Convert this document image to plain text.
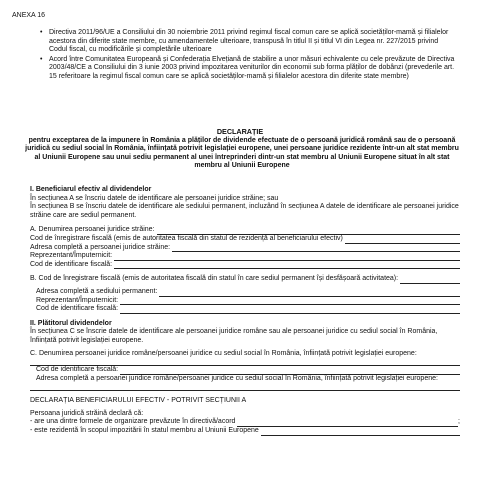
ANEXA 16
• Directiva 2011/96/UE a Consiliului din 30 noiembrie 2011 privind regimul fiscal comun care se aplică societăților-mamă și filialelor acestora din diferite state membre, cu amendamentele ulterioare, transpusă în titlul II și titlul VI din Legea nr. 227/2015 privind Codul fiscal, cu modificările și completările ulterioare
• Acord între Comunitatea Europeană și Confederația Elvețiană de stabilire a unor măsuri echivalente cu cele prevăzute de Directiva 2003/48/CE a Consiliului din 3 iunie 2003 privind impozitarea veniturilor din economii sub forma plăților de dobânzi (prevederile art. 15 referitoare la regimul fiscal comun care se aplică societăților-mamă și filialelor acestora din diferite state membre)
DECLARAȚIE
pentru exceptarea de la impunere în România a plăților de dividende efectuate de o persoană juridică română sau de o persoană juridică cu sediul social în România, înființată potrivit legislației europene, unei persoane juridice rezidente într-un alt stat membru al Uniunii Europene sau unui sediu permanent al unei întreprinderi dintr-un stat membru al Uniunii Europene situat în alt stat membru al Uniunii Europene
I. Beneficiarul efectiv al dividendelor
În secțiunea A se înscriu datele de identificare ale persoanei juridice străine; sau
În secțiunea B se înscriu datele de identificare ale sediului permanent, incluzând în secțiunea A datele de identificare ale persoanei juridice străine care are sediul permanent.
A. Denumirea persoanei juridice străine:
Cod de înregistrare fiscală (emis de autoritatea fiscală din statul de rezidență al beneficiarului efectiv)
Adresa completă a persoanei juridice străine:
Reprezentant/Împuternicit:
Cod de identificare fiscală:
B. Cod de înregistrare fiscală (emis de autoritatea fiscală din statul în care sediul permanent își desfășoară activitatea):
Adresa completă a sediului permanent:
Reprezentant/Împuternicit:
Cod de identificare fiscală:
II. Plătitorul dividendelor
În secțiunea C se înscrie datele de identificare ale persoanei juridice române sau ale persoanei juridice cu sediul social în România, înființată potrivit legislației europene.
C. Denumirea persoanei juridice române/persoanei juridice cu sediul social în România, înființată potrivit legislației europene:
Cod de identificare fiscală:
Adresa completă a persoanei juridice române/persoanei juridice cu sediul social în România, înființată potrivit legislației europene:
DECLARAȚIA BENEFICIARULUI EFECTIV - POTRIVIT SECȚIUNII A
Persoana juridică străină declară că:
- are una dintre formele de organizare prevăzute în directivă/acord	;
- este rezidentă în scopul impozitării în statul membru al Uniunii Europene
